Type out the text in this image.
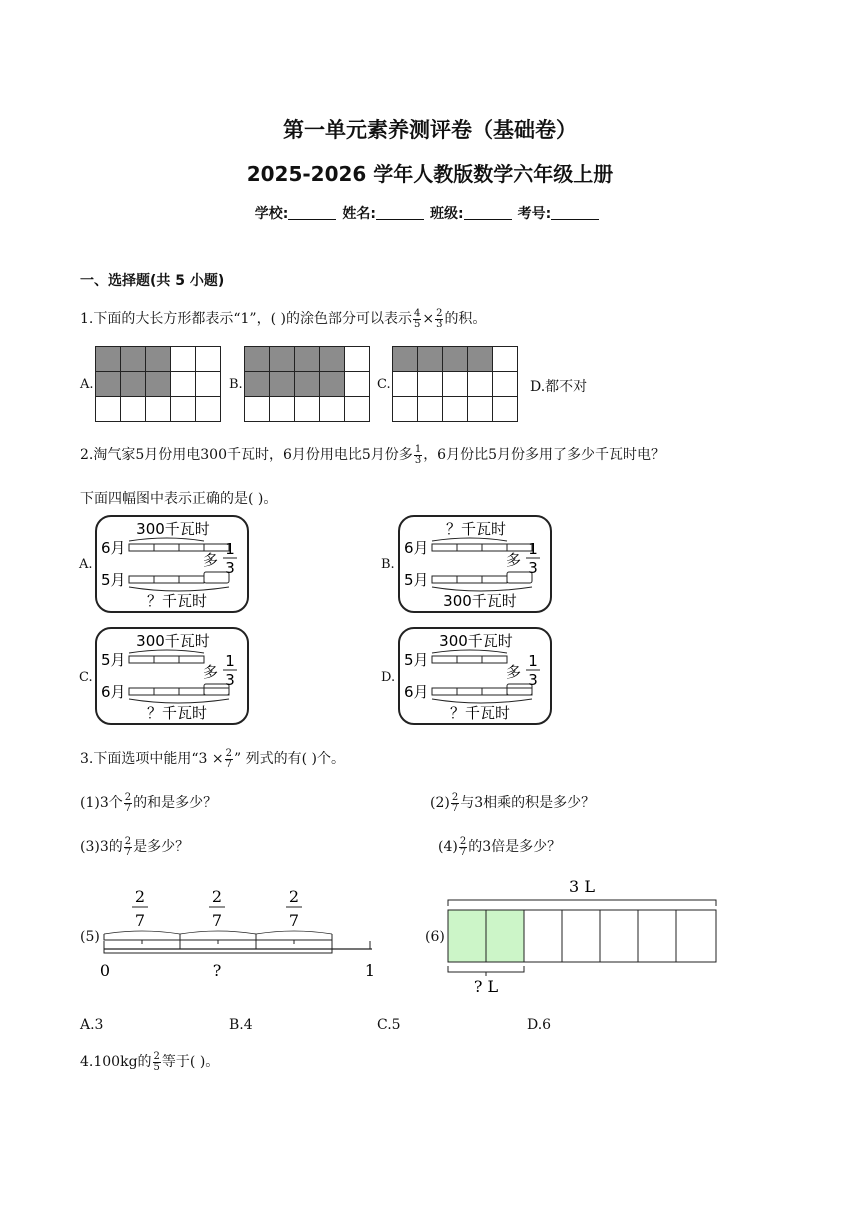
第一单元素养测评卷（基础卷）
2025-2026 学年人教版数学六年级上册
学校:	姓名:	班级:	考号:
一、选择题(共 5 小题)
1.下面的大长方形都表示“1”，( )的涂色部分可以表示 $\frac{4}{5} \times \frac{2}{3}$ 的积。
A.

					B.

					C.

					D.都不对
2.淘气家5月份用电300千瓦时，6月份用电比5月份多 $\frac{1}{3}$ ，6月份比5月份多用了多少千瓦时电？
下面四幅图中表示正确的是( )。
A.	B.
C.	D.
300千瓦时
6月
5月
多
1
3
？千瓦时
？千瓦时
6月
5月
多
1
3
300千瓦时
300千瓦时
5月
6月
多
1
3
？千瓦时
300千瓦时
5月
6月
多
1
3
？千瓦时
3.下面选项中能用“$3 \times \frac{2}{7}$ ” 列式的有( )个。
(1)3个 $\frac{2}{7}$ 的和是多少？	$(2) \frac{2}{7}$ 与3相乘的积是多少？
(3)3的 $\frac{2}{7}$ 是多少？	$(4) \frac{2}{7}$ 的3倍是多少？
(5)
2
7
2
7
2
7
0	?	1
(6)
3 L
? L
A.3	B.4	C.5	D.6
4.100kg的 $\frac{2}{5}$ 等于( )。
